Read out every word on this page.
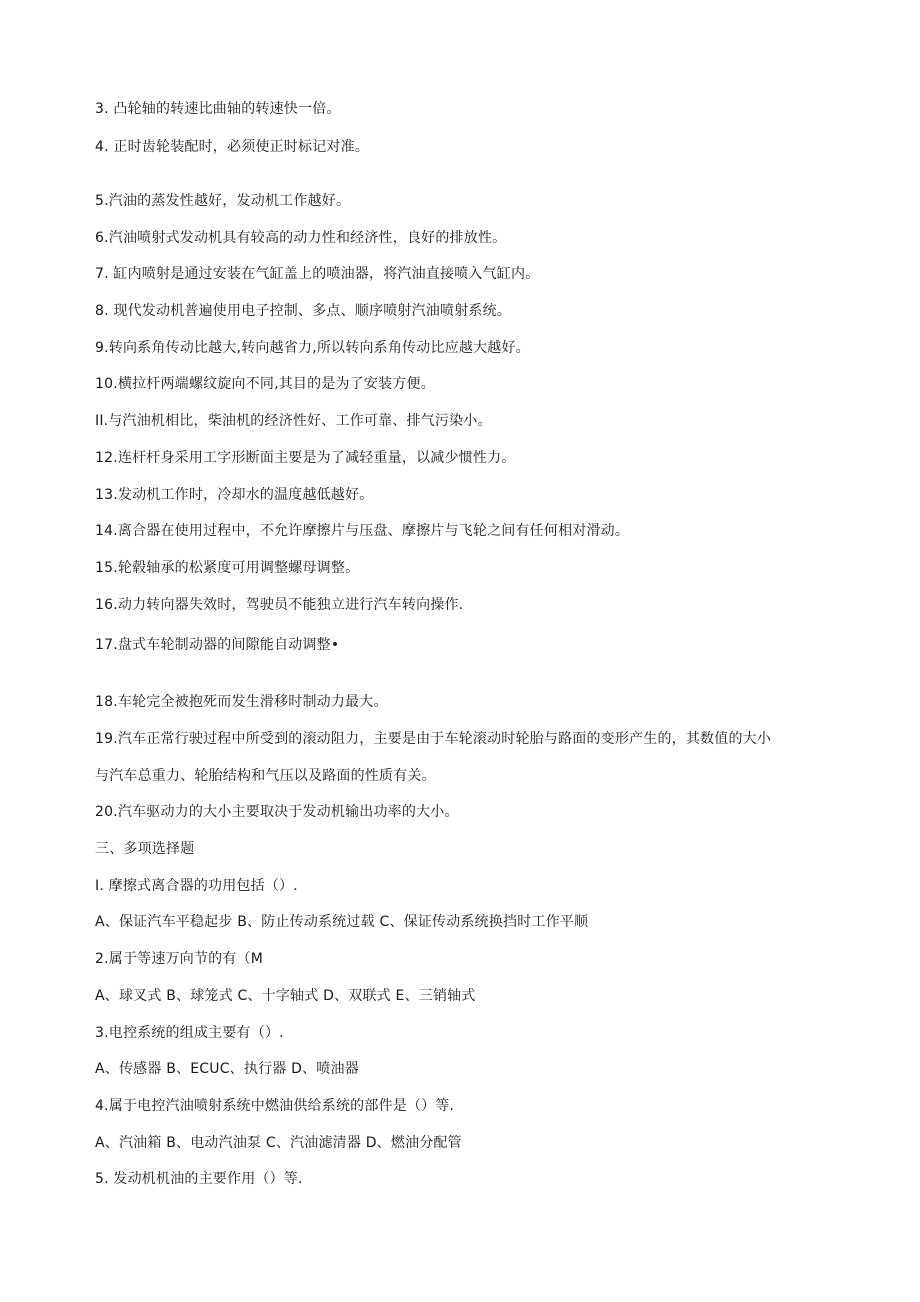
3. 凸轮轴的转速比曲轴的转速快一倍。
4. 正时齿轮装配时，必须使正时标记对准。
5.汽油的蒸发性越好，发动机工作越好。
6.汽油喷射式发动机具有较高的动力性和经济性，良好的排放性。
7. 缸内喷射是通过安装在气缸盖上的喷油器，将汽油直接喷入气缸内。
8. 现代发动机普遍使用电子控制、多点、顺序喷射汽油喷射系统。
9.转向系角传动比越大,转向越省力,所以转向系角传动比应越大越好。
10.横拉杆两端螺纹旋向不同,其目的是为了安装方便。
II.与汽油机相比，柴油机的经济性好、工作可靠、排气污染小。
12.连杆杆身采用工字形断面主要是为了减轻重量，以减少惯性力。
13.发动机工作时，冷却水的温度越低越好。
14.离合器在使用过程中，不允许摩擦片与压盘、摩擦片与飞轮之间有任何相对滑动。
15.轮毂轴承的松紧度可用调整螺母调整。
16.动力转向器失效时，驾驶员不能独立进行汽车转向操作.
17.盘式车轮制动器的间隙能自动调整•
18.车轮完全被抱死而发生滑移时制动力最大。
19.汽车正常行驶过程中所受到的滚动阻力，主要是由于车轮滚动时轮胎与路面的变形产生的，其数值的大小
与汽车总重力、轮胎结构和气压以及路面的性质有关。
20.汽车驱动力的大小主要取决于发动机输出功率的大小。
三、多项选择题
I. 摩擦式离合器的功用包括（）.
A、保证汽车平稳起步 B、防止传动系统过载 C、保证传动系统换挡时工作平顺
2.属于等速万向节的有（M
A、球叉式 B、球笼式 C、十字轴式 D、双联式 E、三销轴式
3.电控系统的组成主要有（）.
A、传感器 B、ECUC、执行器 D、喷油器
4.属于电控汽油喷射系统中燃油供给系统的部件是（）等.
A、汽油箱 B、电动汽油泵 C、汽油滤清器 D、燃油分配管
5. 发动机机油的主要作用（）等.
